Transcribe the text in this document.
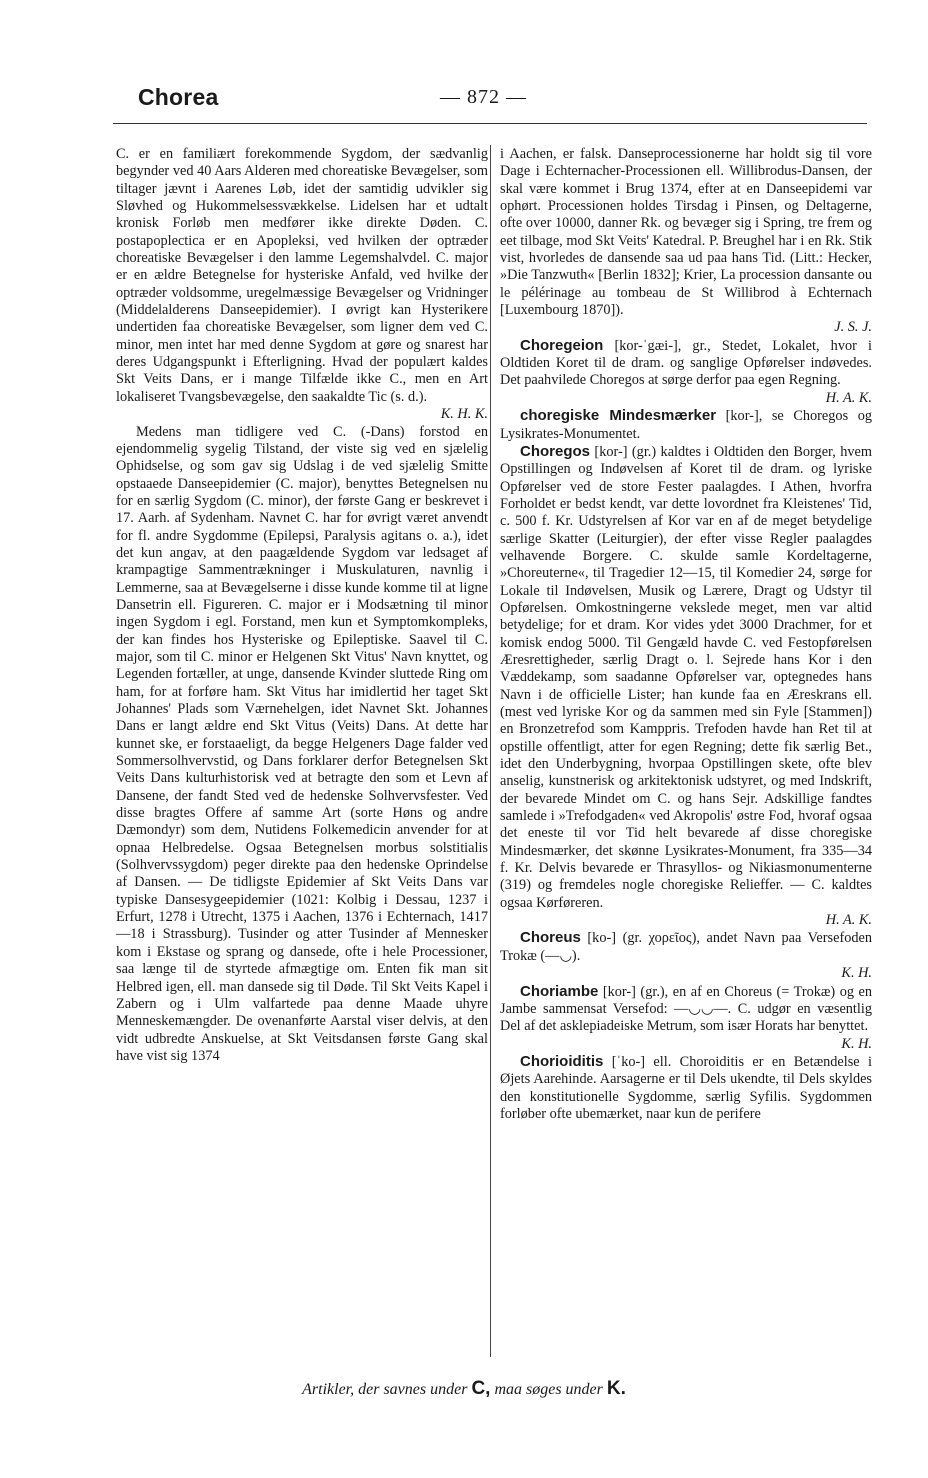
Chorea	— 872 —

C. er en familiært forekommende Sygdom, der sædvanlig begynder ved 40 Aars Alderen med choreatiske Bevægelser, som tiltager jævnt i Aarenes Løb, idet der samtidig udvikler sig Sløvhed og Hukommelsessvækkelse. Lidelsen har et udtalt kronisk Forløb men medfører ikke direkte Døden. C. postapoplectica er en Apopleksi, ved hvilken der optræder choreatiske Bevægelser i den lamme Legemshalvdel. C. major er en ældre Betegnelse for hysteriske Anfald, ved hvilke der optræder voldsomme, uregelmæssige Bevægelser og Vridninger (Middelalderens Danseepidemier). I øvrigt kan Hysterikere undertiden faa choreatiske Bevægelser, som ligner dem ved C. minor, men intet har med denne Sygdom at gøre og snarest har deres Udgangspunkt i Efterligning. Hvad der populært kaldes Skt Veits Dans, er i mange Tilfælde ikke C., men en Art lokaliseret Tvangsbevægelse, den saakaldte Tic (s. d.).

K. H. K.

Medens man tidligere ved C. (-Dans) forstod en ejendommelig sygelig Tilstand, der viste sig ved en sjælelig Ophidselse, og som gav sig Udslag i de ved sjælelig Smitte opstaaede Danseepidemier (C. major), benyttes Betegnelsen nu for en særlig Sygdom (C. minor), der første Gang er beskrevet i 17. Aarh. af Sydenham. Navnet C. har for øvrigt været anvendt for fl. andre Sygdomme (Epilepsi, Paralysis agitans o. a.), idet det kun angav, at den paagældende Sygdom var ledsaget af krampagtige Sammentrækninger i Muskulaturen, navnlig i Lemmerne, saa at Bevægelserne i disse kunde komme til at ligne Dansetrin ell. Figureren. C. major er i Modsætning til minor ingen Sygdom i egl. Forstand, men kun et Symptomkompleks, der kan findes hos Hysteriske og Epileptiske. Saavel til C. major, som til C. minor er Helgenen Skt Vitus' Navn knyttet, og Legenden fortæller, at unge, dansende Kvinder sluttede Ring om ham, for at forføre ham. Skt Vitus har imidlertid her taget Skt Johannes' Plads som Værnehelgen, idet Navnet Skt. Johannes Dans er langt ældre end Skt Vitus (Veits) Dans. At dette har kunnet ske, er forstaaeligt, da begge Helgeners Dage falder ved Sommersolhvervstid, og Dans forklarer derfor Betegnelsen Skt Veits Dans kulturhistorisk ved at betragte den som et Levn af Dansene, der fandt Sted ved de hedenske Solhvervsfester. Ved disse bragtes Offere af samme Art (sorte Høns og andre Dæmondyr) som dem, Nutidens Folkemedicin anvender for at opnaa Helbredelse. Ogsaa Betegnelsen morbus solstitialis (Solhvervssygdom) peger direkte paa den hedenske Oprindelse af Dansen. — De tidligste Epidemier af Skt Veits Dans var typiske Dansesygeepidemier (1021: Kolbig i Dessau, 1237 i Erfurt, 1278 i Utrecht, 1375 i Aachen, 1376 i Echternach, 1417—18 i Strassburg). Tusinder og atter Tusinder af Mennesker kom i Ekstase og sprang og dansede, ofte i hele Processioner, saa længe til de styrtede afmægtige om. Enten fik man sit Helbred igen, ell. man dansede sig til Døde. Til Skt Veits Kapel i Zabern og i Ulm valfartede paa denne Maade uhyre Menneskemængder. De ovenanførte Aarstal viser delvis, at den vidt udbredte Anskuelse, at Skt Veitsdansen første Gang skal have vist sig 1374

i Aachen, er falsk. Danseprocessionerne har holdt sig til vore Dage i Echternacher-Processionen ell. Willibrodus-Dansen, der skal være kommet i Brug 1374, efter at en Danseepidemi var ophørt. Processionen holdes Tirsdag i Pinsen, og Deltagerne, ofte over 10000, danner Rk. og bevæger sig i Spring, tre frem og eet tilbage, mod Skt Veits' Katedral. P. Breughel har i en Rk. Stik vist, hvorledes de dansende saa ud paa hans Tid. (Litt.: Hecker, »Die Tanzwuth« [Berlin 1832]; Krier, La procession dansante ou le pélérinage au tombeau de St Willibrod à Echternach [Luxembourg 1870]).

J. S. J.

Choregeion [kor-ˈgæi-], gr., Stedet, Lokalet, hvor i Oldtiden Koret til de dram. og sanglige Opførelser indøvedes. Det paahvilede Choregos at sørge derfor paa egen Regning.

H. A. K.

choregiske Mindesmærker [kor-], se Choregos og Lysikrates-Monumentet.

Choregos [kor-] (gr.) kaldtes i Oldtiden den Borger, hvem Opstillingen og Indøvelsen af Koret til de dram. og lyriske Opførelser ved de store Fester paalagdes. I Athen, hvorfra Forholdet er bedst kendt, var dette lovordnet fra Kleistenes' Tid, c. 500 f. Kr. Udstyrelsen af Kor var en af de meget betydelige særlige Skatter (Leiturgier), der efter visse Regler paalagdes velhavende Borgere. C. skulde samle Kordeltagerne, »Choreuterne«, til Tragedier 12—15, til Komedier 24, sørge for Lokale til Indøvelsen, Musik og Lærere, Dragt og Udstyr til Opførelsen. Omkostningerne vekslede meget, men var altid betydelige; for et dram. Kor vides ydet 3000 Drachmer, for et komisk endog 5000. Til Gengæld havde C. ved Festopførelsen Æresrettigheder, særlig Dragt o. l. Sejrede hans Kor i den Væddekamp, som saadanne Opførelser var, optegnedes hans Navn i de officielle Lister; han kunde faa en Æreskrans ell. (mest ved lyriske Kor og da sammen med sin Fyle [Stammen]) en Bronzetrefod som Kamppris. Trefoden havde han Ret til at opstille offentligt, atter for egen Regning; dette fik særlig Bet., idet den Underbygning, hvorpaa Opstillingen skete, ofte blev anselig, kunstnerisk og arkitektonisk udstyret, og med Indskrift, der bevarede Mindet om C. og hans Sejr. Adskillige fandtes samlede i »Trefodgaden« ved Akropolis' østre Fod, hvoraf ogsaa det eneste til vor Tid helt bevarede af disse choregiske Mindesmærker, det skønne Lysikrates-Monument, fra 335—34 f. Kr. Delvis bevarede er Thrasyllos- og Nikiasmonumenterne (319) og fremdeles nogle choregiske Relieffer. — C. kaldtes ogsaa Kørføreren.

H. A. K.

Choreus [ko-] (gr. χορεῖος), andet Navn paa Versefoden Trokæ (—◡).

K. H.

Choriambe [kor-] (gr.), en af en Choreus (= Trokæ) og en Jambe sammensat Versefod: —◡◡—. C. udgør en væsentlig Del af det asklepiadeiske Metrum, som især Horats har benyttet.

K. H.

Chorioiditis [ˈko-] ell. Choroiditis er en Betændelse i Øjets Aarehinde. Aarsagerne er til Dels ukendte, til Dels skyldes den konstitutionelle Sygdomme, særlig Syfilis. Sygdommen forløber ofte ubemærket, naar kun de perifere

Artikler, der savnes under C, maa søges under K.
